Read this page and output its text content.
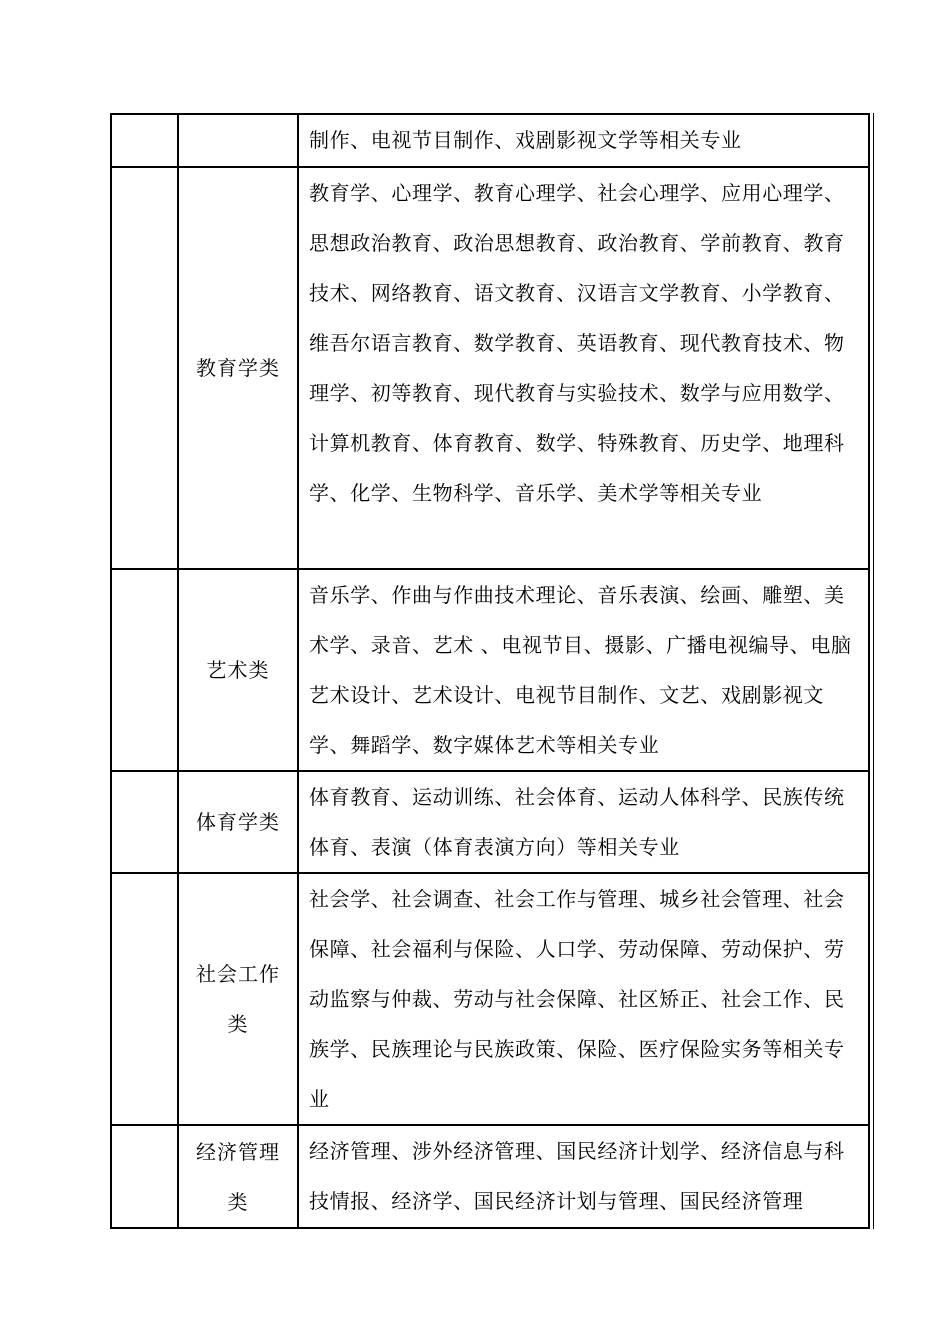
制作、电视节目制作、戏剧影视文学等相关专业
教育学类
教育学、心理学、教育心理学、社会心理学、应用心理学、思想政治教育、政治思想教育、政治教育、学前教育、教育技术、网络教育、语文教育、汉语言文学教育、小学教育、维吾尔语言教育、数学教育、英语教育、现代教育技术、物理学、初等教育、现代教育与实验技术、数学与应用数学、计算机教育、体育教育、数学、特殊教育、历史学、地理科学、化学、生物科学、音乐学、美术学等相关专业
艺术类
音乐学、作曲与作曲技术理论、音乐表演、绘画、雕塑、美术学、录音、艺术 、电视节目、摄影、广播电视编导、电脑艺术设计、艺术设计、电视节目制作、文艺、戏剧影视文学、舞蹈学、数字媒体艺术等相关专业
体育学类
体育教育、运动训练、社会体育、运动人体科学、民族传统体育、表演（体育表演方向）等相关专业
社会工作类
社会学、社会调查、社会工作与管理、城乡社会管理、社会保障、社会福利与保险、人口学、劳动保障、劳动保护、劳动监察与仲裁、劳动与社会保障、社区矫正、社会工作、民族学、民族理论与民族政策、保险、医疗保险实务等相关专业
经济管理类
经济管理、涉外经济管理、国民经济计划学、经济信息与科技情报、经济学、国民经济计划与管理、国民经济管理
